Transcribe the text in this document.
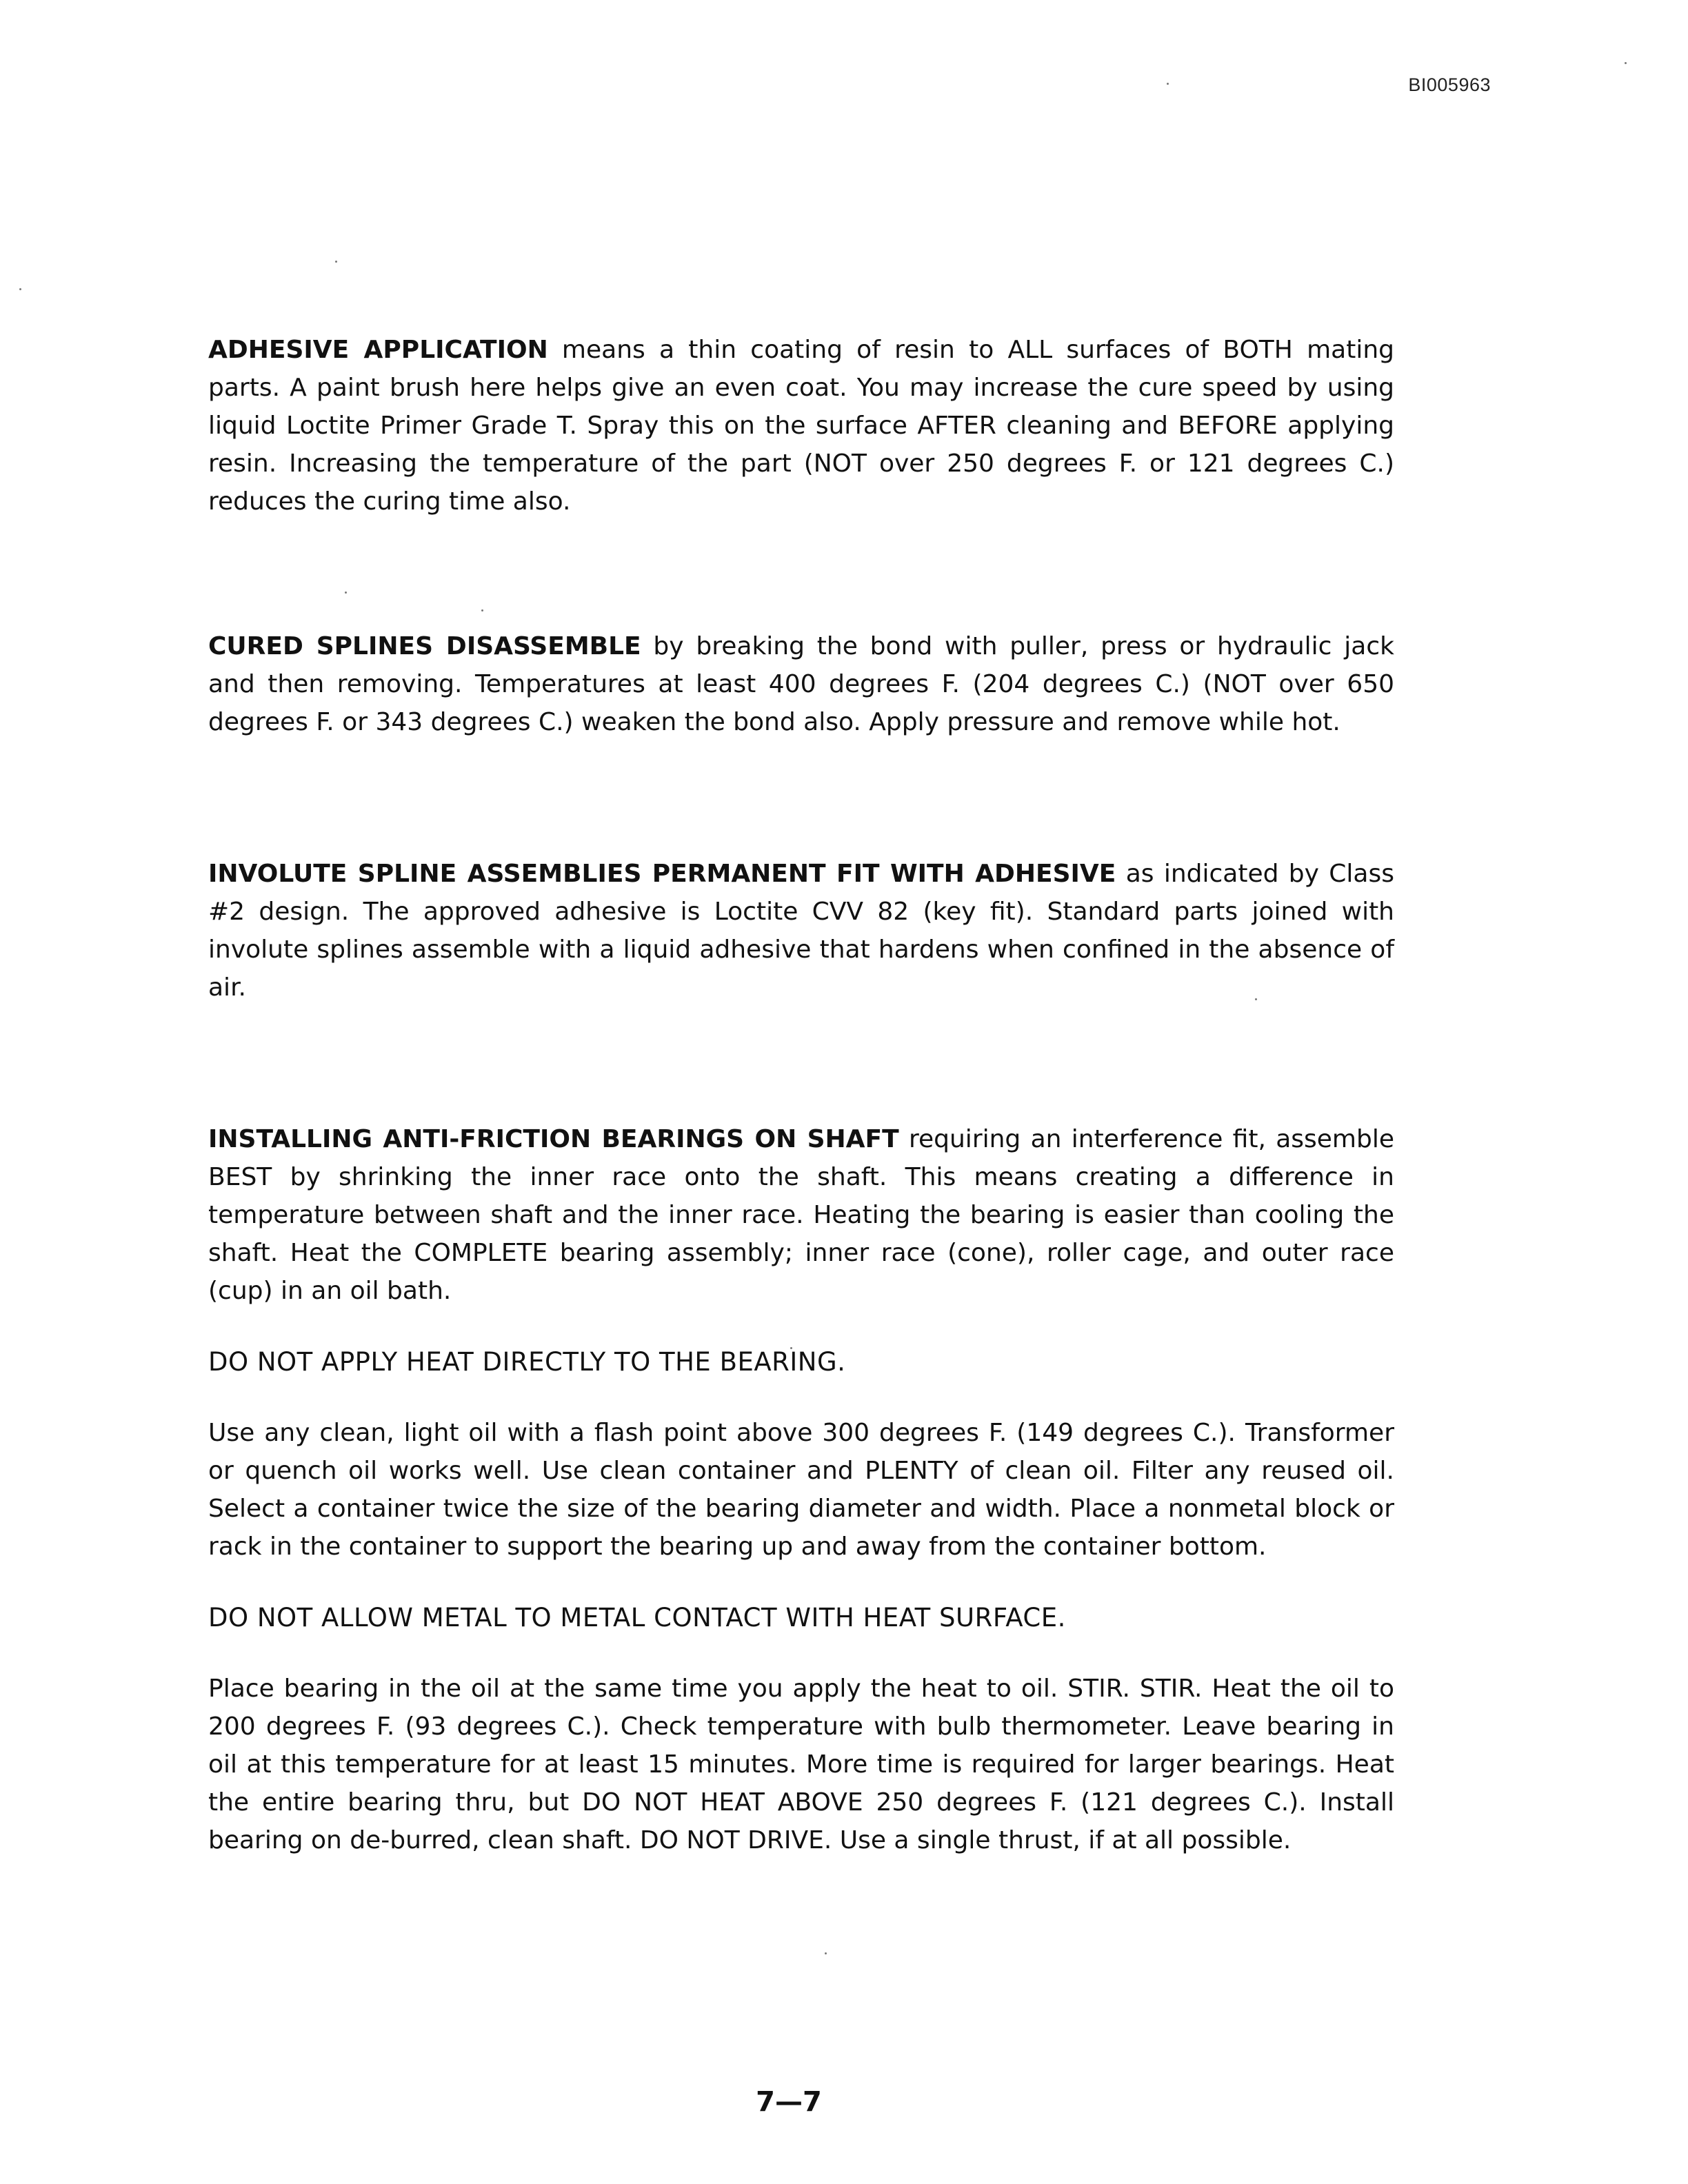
BI005963

ADHESIVE APPLICATION means a thin coating of resin to ALL surfaces of BOTH mating parts. A paint brush here helps give an even coat. You may increase the cure speed by using liquid Loctite Primer Grade T. Spray this on the surface AFTER cleaning and BEFORE applying resin. Increasing the temperature of the part (NOT over 250 degrees F. or 121 degrees C.) reduces the curing time also.

CURED SPLINES DISASSEMBLE by breaking the bond with puller, press or hydraulic jack and then removing. Temperatures at least 400 degrees F. (204 degrees C.) (NOT over 650 degrees F. or 343 degrees C.) weaken the bond also. Apply pressure and remove while hot.

INVOLUTE SPLINE ASSEMBLIES PERMANENT FIT WITH ADHESIVE as indicated by Class #2 design. The approved adhesive is Loctite CVV 82 (key fit). Standard parts joined with involute splines assemble with a liquid adhesive that hardens when confined in the absence of air.

INSTALLING ANTI-FRICTION BEARINGS ON SHAFT requiring an interference fit, assemble BEST by shrinking the inner race onto the shaft. This means creating a difference in temperature between shaft and the inner race. Heating the bearing is easier than cooling the shaft. Heat the COMPLETE bearing assembly; inner race (cone), roller cage, and outer race (cup) in an oil bath.

DO NOT APPLY HEAT DIRECTLY TO THE BEARING.

Use any clean, light oil with a flash point above 300 degrees F. (149 degrees C.). Transformer or quench oil works well. Use clean container and PLENTY of clean oil. Filter any reused oil. Select a container twice the size of the bearing diameter and width. Place a nonmetal block or rack in the container to support the bearing up and away from the container bottom.

DO NOT ALLOW METAL TO METAL CONTACT WITH HEAT SURFACE.

Place bearing in the oil at the same time you apply the heat to oil. STIR. STIR. Heat the oil to 200 degrees F. (93 degrees C.). Check temperature with bulb thermometer. Leave bearing in oil at this temperature for at least 15 minutes. More time is required for larger bearings. Heat the entire bearing thru, but DO NOT HEAT ABOVE 250 degrees F. (121 degrees C.). Install bearing on de-burred, clean shaft. DO NOT DRIVE. Use a single thrust, if at all possible.

7—7
